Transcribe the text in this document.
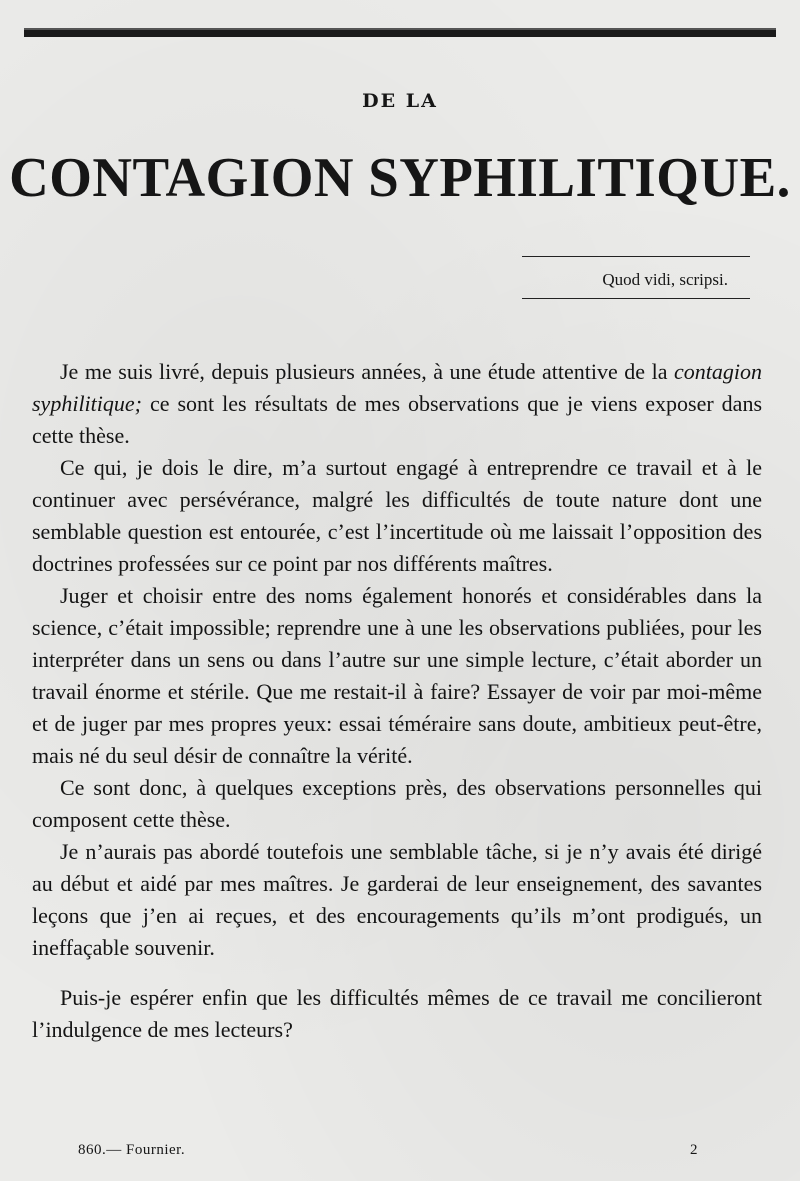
DE LA
CONTAGION SYPHILITIQUE.
Quod vidi, scripsi.

Je me suis livré, depuis plusieurs années, à une étude attentive de la contagion syphilitique; ce sont les résultats de mes observations que je viens exposer dans cette thèse.

Ce qui, je dois le dire, m’a surtout engagé à entreprendre ce travail et à le continuer avec persévérance, malgré les difficultés de toute nature dont une semblable question est entourée, c’est l’incertitude où me laissait l’opposition des doctrines professées sur ce point par nos différents maîtres.

Juger et choisir entre des noms également honorés et considérables dans la science, c’était impossible; reprendre une à une les observations publiées, pour les interpréter dans un sens ou dans l’autre sur une simple lecture, c’était aborder un travail énorme et stérile. Que me restait-il à faire? Essayer de voir par moi-même et de juger par mes propres yeux: essai téméraire sans doute, ambitieux peut-être, mais né du seul désir de connaître la vérité.

Ce sont donc, à quelques exceptions près, des observations personnelles qui composent cette thèse.

Je n’aurais pas abordé toutefois une semblable tâche, si je n’y avais été dirigé au début et aidé par mes maîtres. Je garderai de leur enseignement, des savantes leçons que j’en ai reçues, et des encouragements qu’ils m’ont prodigués, un ineffaçable souvenir.

Puis-je espérer enfin que les difficultés mêmes de ce travail me concilieront l’indulgence de mes lecteurs?

860.— Fournier.	2
